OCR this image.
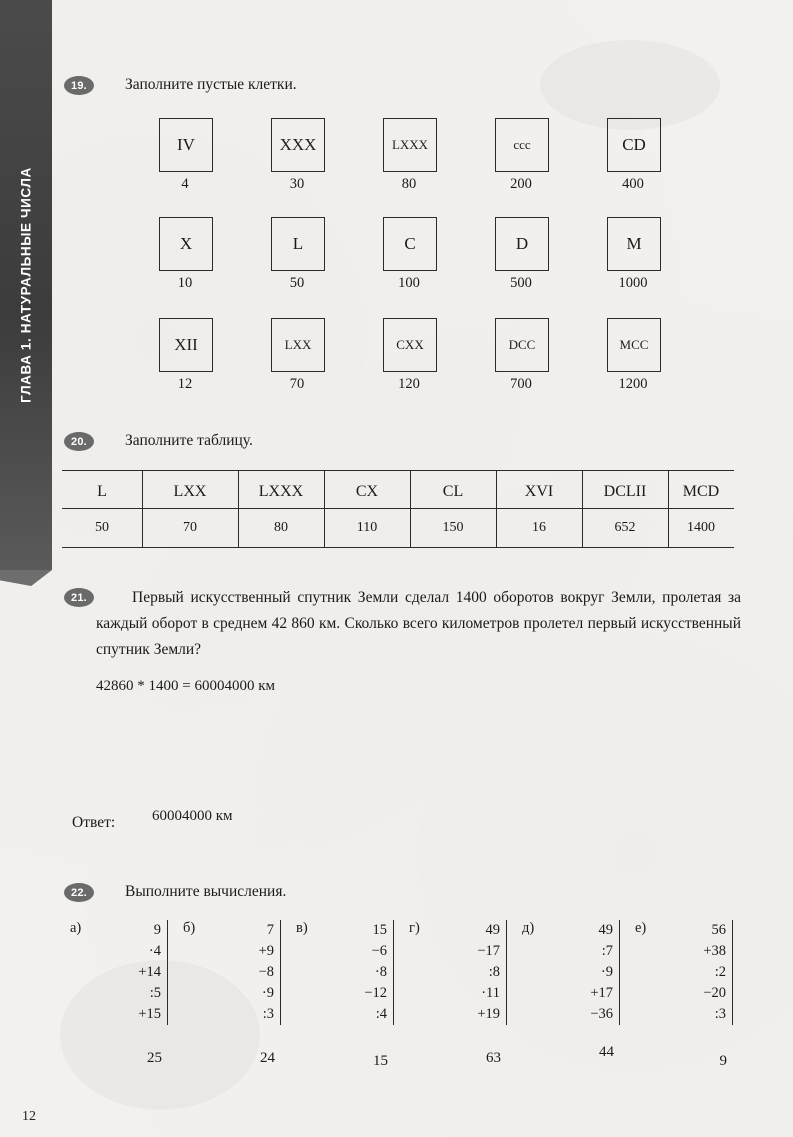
ГЛАВА 1. НАТУРАЛЬНЫЕ ЧИСЛА
19.	Заполните пустые клетки.
IV
4
XXX
30
LXXX
80
ccc
200
CD
400
X
10
L
50
C
100
D
500
M
1000
XII
12
LXX
70
CXX
120
DCC
700
MCC
1200
20.	Заполните таблицу.
L	LXX	LXXX	CX	CL	XVI	DCLII	MCD
50	70	80	110	150	16	652	1400
21.	Первый искусственный спутник Земли сделал 1400 оборотов вокруг Земли, пролетая за каждый оборот в среднем 42 860 км. Сколько всего километров пролетел первый искусственный спутник Земли?
42860 * 1400 = 60004000 км
Ответ: 60004000 км
22.	Выполните вычисления.
а)	9
·4
+14
:5
+15
25
б)	7
+9
−8
·9
:3
24
в)	15
−6
·8
−12
:4
15
г)	49
−17
:8
·11
+19
63
д)	49
:7
·9
+17
−36
44
е)	56
+38
:2
−20
:3
9
12
